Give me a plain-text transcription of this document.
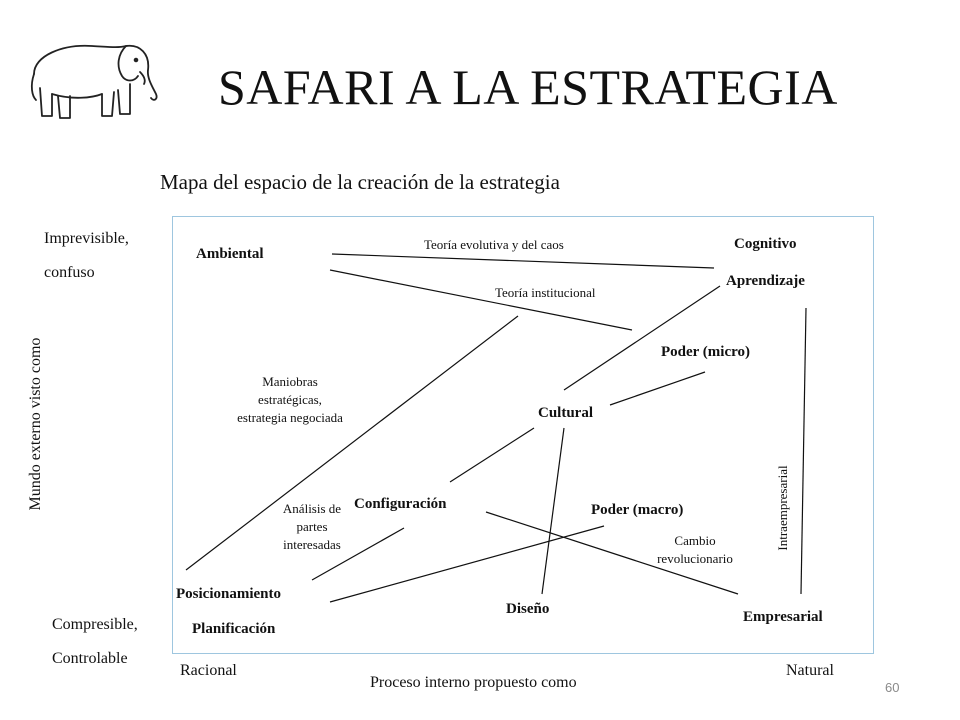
SAFARI A LA ESTRATEGIA
Mapa del espacio de la creación de la estrategia
Imprevisible,
confuso
Compresible,
Controlable
Mundo externo visto como
Racional	Natural
Proceso interno propuesto como
Ambiental
Cognitivo
Aprendizaje
Poder (micro)
Cultural
Configuración	Poder (macro)
Posicionamiento
Planificación
Diseño	Empresarial
Teoría evolutiva y del caos
Teoría institucional
Maniobras
estratégicas,
estrategia negociada
Análisis de
partes
interesadas	Cambio
revolucionario
Intraempresarial
60
